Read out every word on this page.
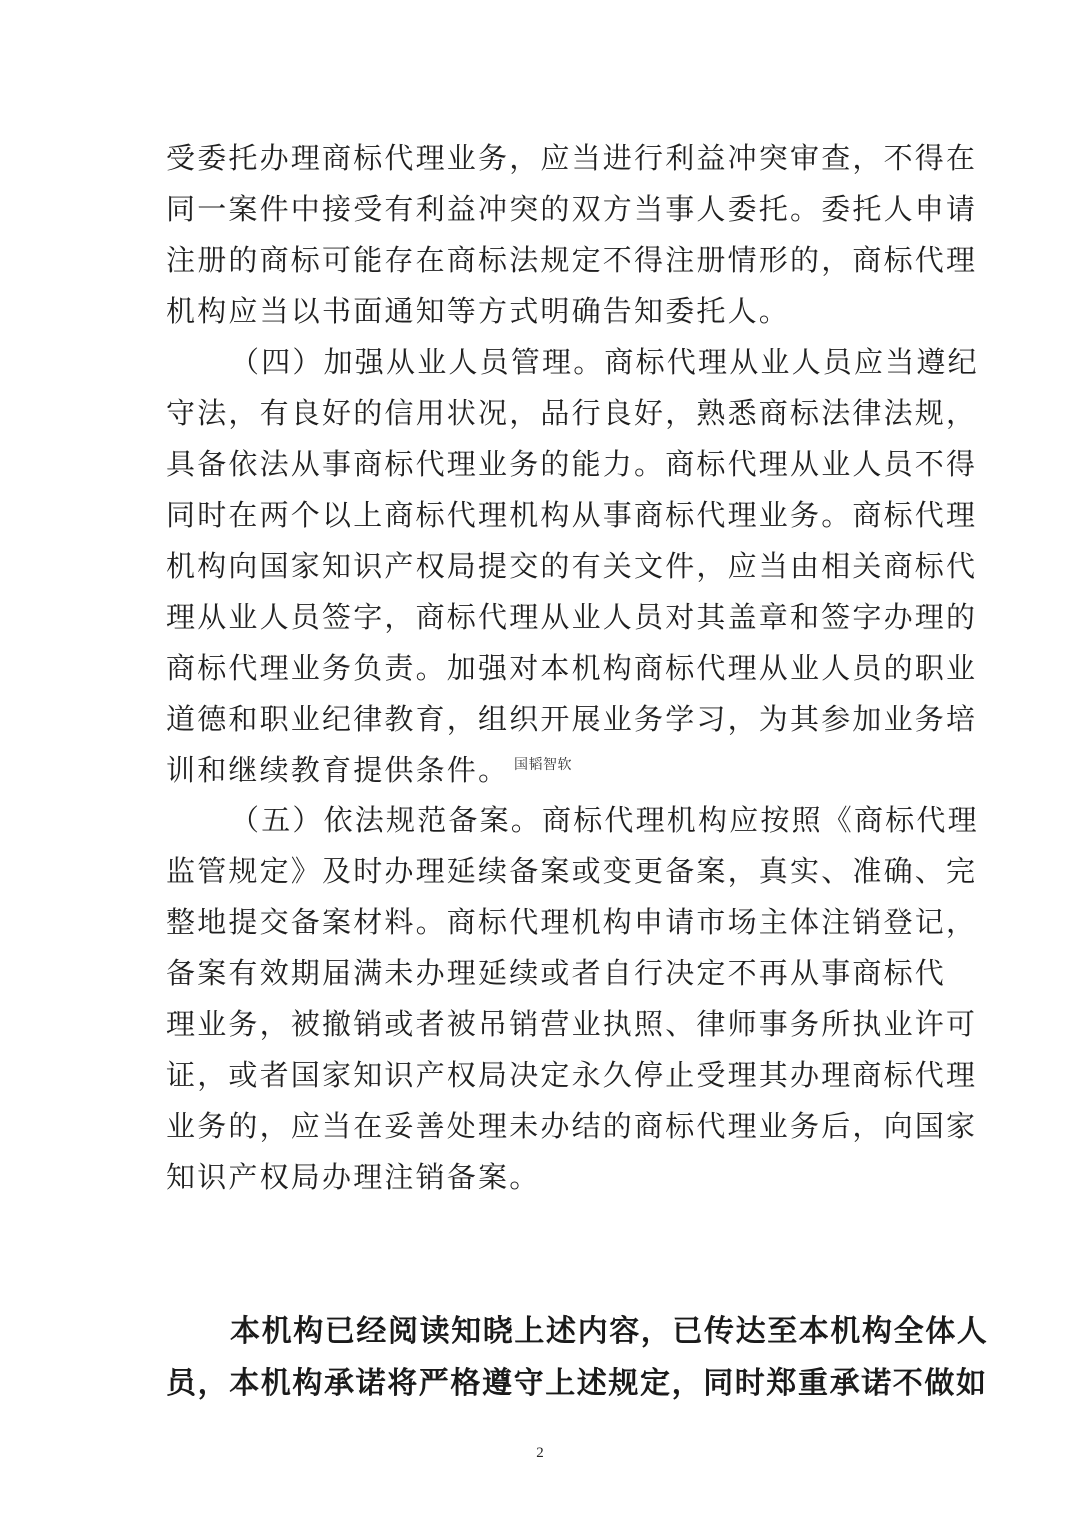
受委托办理商标代理业务，应当进行利益冲突审查，不得在
同一案件中接受有利益冲突的双方当事人委托。委托人申请
注册的商标可能存在商标法规定不得注册情形的，商标代理
机构应当以书面通知等方式明确告知委托人。
（四）加强从业人员管理。商标代理从业人员应当遵纪
守法，有良好的信用状况，品行良好，熟悉商标法律法规，
具备依法从事商标代理业务的能力。商标代理从业人员不得
同时在两个以上商标代理机构从事商标代理业务。商标代理
机构向国家知识产权局提交的有关文件，应当由相关商标代
理从业人员签字，商标代理从业人员对其盖章和签字办理的
商标代理业务负责。加强对本机构商标代理从业人员的职业
道德和职业纪律教育，组织开展业务学习，为其参加业务培
训和继续教育提供条件。 国韬智软
（五）依法规范备案。商标代理机构应按照《商标代理
监管规定》及时办理延续备案或变更备案，真实、准确、完
整地提交备案材料。商标代理机构申请市场主体注销登记，
备案有效期届满未办理延续或者自行决定不再从事商标代
理业务，被撤销或者被吊销营业执照、律师事务所执业许可
证，或者国家知识产权局决定永久停止受理其办理商标代理
业务的，应当在妥善处理未办结的商标代理业务后，向国家
知识产权局办理注销备案。
本机构已经阅读知晓上述内容，已传达至本机构全体人
员，本机构承诺将严格遵守上述规定，同时郑重承诺不做如
2
